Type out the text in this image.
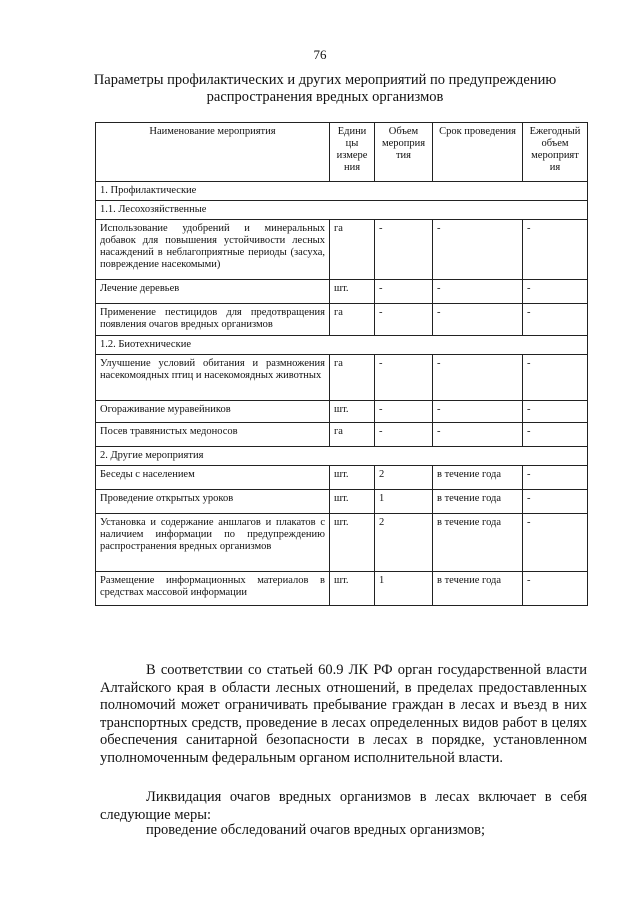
76
Параметры профилактических и других мероприятий по предупреждению
распространения вредных организмов
Наименование мероприятия	Едини цы измере ния	Объем мероприя тия	Срок проведения	Ежегодный объем мероприят ия
1. Профилактические				
1.1. Лесохозяйственные				
Использование удобрений и минеральных добавок для повышения устойчивости лесных насаждений в неблагоприятные периоды (засуха, повреждение насекомыми)	га	-	-	-
Лечение деревьев	шт.	-	-	-
Применение пестицидов для предотвращения появления очагов вредных организмов	га	-	-	-
1.2. Биотехнические				
Улучшение условий обитания и размножения насекомоядных птиц и насекомоядных животных	га	-	-	-
Огораживание муравейников	шт.	-	-	-
Посев травянистых медоносов	га	-	-	-
2. Другие мероприятия				
Беседы с населением	шт.	2	в течение года	-
Проведение открытых уроков	шт.	1	в течение года	-
Установка и содержание аншлагов и плакатов с наличием информации по предупреждению распространения вредных организмов	шт.	2	в течение года	-
Размещение информационных материалов в средствах массовой информации	шт.	1	в течение года	-
В соответствии со статьей 60.9 ЛК РФ орган государственной власти Алтайского края в области лесных отношений, в пределах предоставленных полномочий может ограничивать пребывание граждан в лесах и въезд в них транспортных средств, проведение в лесах определенных видов работ в целях обеспечения санитарной безопасности в лесах в порядке, установленном уполномоченным федеральным органом исполнительной власти.
Ликвидация очагов вредных организмов в лесах включает в себя следующие меры:
проведение обследований очагов вредных организмов;
